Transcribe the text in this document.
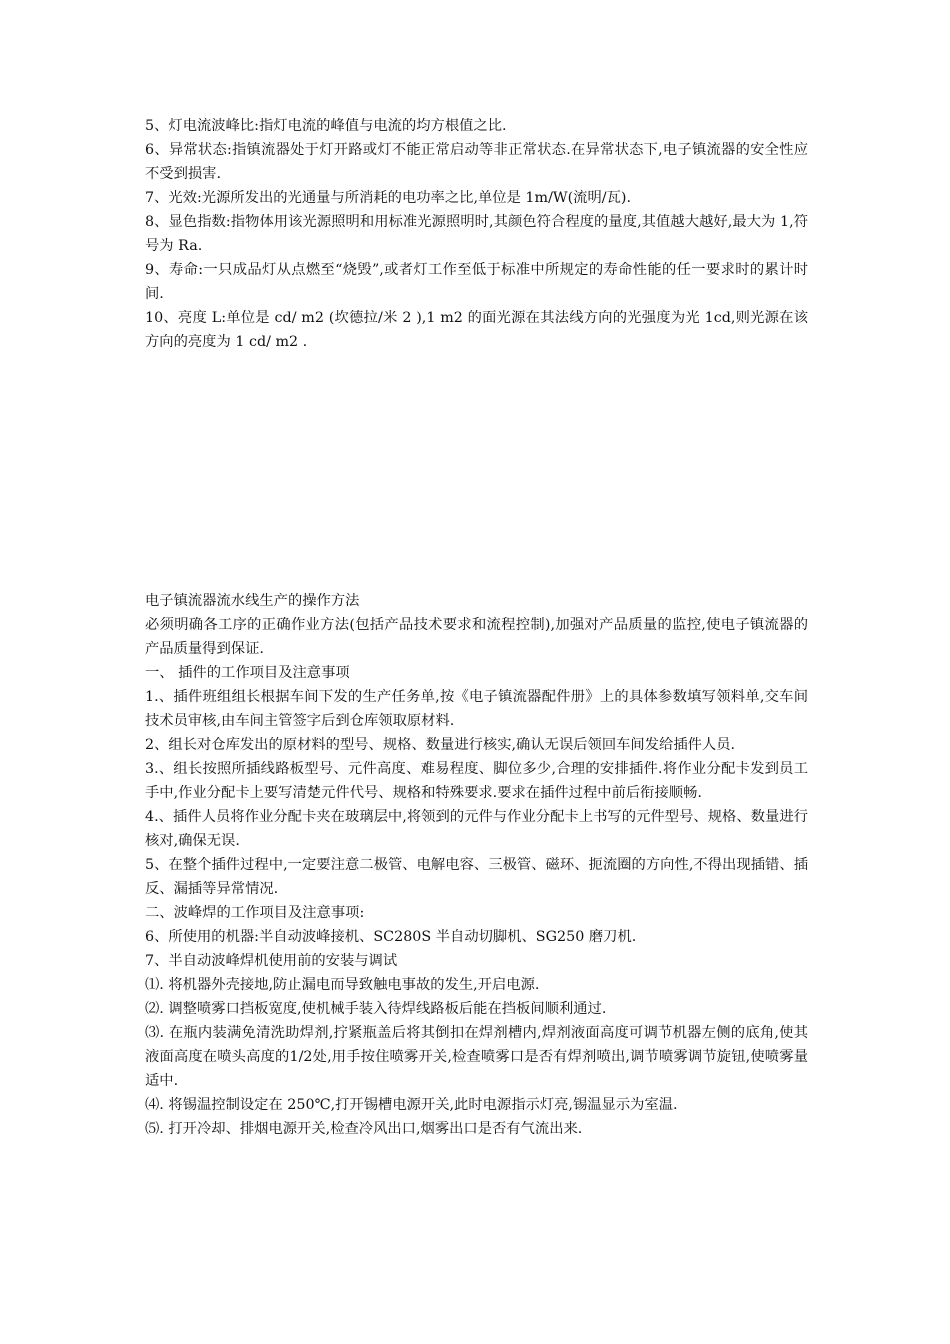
5、灯电流波峰比:指灯电流的峰值与电流的均方根值之比.

6、异常状态:指镇流器处于灯开路或灯不能正常启动等非正常状态.在异常状态下,电子镇流器的安全性应不受到损害.

7、光效:光源所发出的光通量与所消耗的电功率之比,单位是 1m/W(流明/瓦).

8、显色指数:指物体用该光源照明和用标准光源照明时,其颜色符合程度的量度,其值越大越好,最大为 1,符号为 Ra.

9、寿命:一只成品灯从点燃至“烧毁”,或者灯工作至低于标准中所规定的寿命性能的任一要求时的累计时间.

10、亮度 L:单位是 cd/ m2 (坎德拉/米 2 ),1 m2 的面光源在其法线方向的光强度为光 1cd,则光源在该方向的亮度为 1 cd/ m2 .

电子镇流器流水线生产的操作方法

必须明确各工序的正确作业方法(包括产品技术要求和流程控制),加强对产品质量的监控,使电子镇流器的产品质量得到保证.

一、 插件的工作项目及注意事项

1.、插件班组组长根据车间下发的生产任务单,按《电子镇流器配件册》上的具体参数填写领料单,交车间技术员审核,由车间主管签字后到仓库领取原材料.

2、组长对仓库发出的原材料的型号、规格、数量进行核实,确认无误后领回车间发给插件人员.

3.、组长按照所插线路板型号、元件高度、难易程度、脚位多少,合理的安排插件.将作业分配卡发到员工手中,作业分配卡上要写清楚元件代号、规格和特殊要求.要求在插件过程中前后衔接顺畅.

4.、插件人员将作业分配卡夹在玻璃层中,将领到的元件与作业分配卡上书写的元件型号、规格、数量进行核对,确保无误.

5、在整个插件过程中,一定要注意二极管、电解电容、三极管、磁环、扼流圈的方向性,不得出现插错、插反、漏插等异常情况.

二、波峰焊的工作项目及注意事项:

6、所使用的机器:半自动波峰接机、SC280S 半自动切脚机、SG250 磨刀机.

7、半自动波峰焊机使用前的安装与调试

⑴. 将机器外壳接地,防止漏电而导致触电事故的发生,开启电源.

⑵. 调整喷雾口挡板宽度,使机械手装入待焊线路板后能在挡板间顺利通过.

⑶. 在瓶内装满免清洗助焊剂,拧紧瓶盖后将其倒扣在焊剂槽内,焊剂液面高度可调节机器左侧的底角,使其液面高度在喷头高度的1/2处,用手按住喷雾开关,检查喷雾口是否有焊剂喷出,调节喷雾调节旋钮,使喷雾量适中.

⑷. 将锡温控制设定在 250℃,打开锡槽电源开关,此时电源指示灯亮,锡温显示为室温.

⑸. 打开冷却、排烟电源开关,检查冷风出口,烟雾出口是否有气流出来.
